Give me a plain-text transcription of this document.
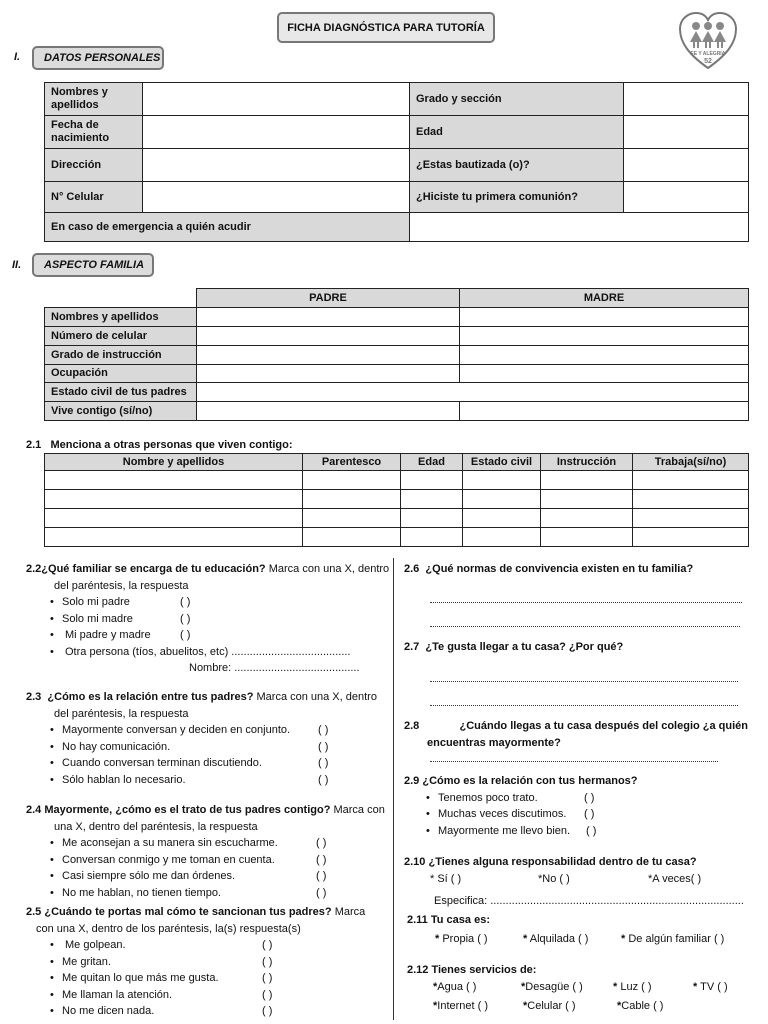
FICHA DIAGNÓSTICA PARA TUTORÍA
FE Y ALEGRIA
52
I.	DATOS PERSONALES
Nombres y apellidos		Grado y sección	
Fecha de nacimiento		Edad	
Dirección		¿Estas bautizada (o)?	
N° Celular		¿Hiciste tu primera comunión?	
En caso de emergencia a quién acudir			
II.	ASPECTO FAMILIA
	PADRE	MADRE
Nombres y apellidos		
Número de celular		
Grado de instrucción		
Ocupación		
Estado civil de tus padres		
Vive contigo (sí/no)		
2.1 Menciona a otras personas que viven contigo:
Nombre y apellidos	Parentesco	Edad	Estado civil	Instrucción	Trabaja(sí/no)

2.2¿Qué familiar se encarga de tu educación? Marca con una X, dentro
del paréntesis, la respuesta
• Solo mi padre	( )
• Solo mi madre	( )
•	Mi padre y madre	( )
•	Otra persona (tíos, abuelitos, etc) .......................................
Nombre: .........................................
2.3 ¿Cómo es la relación entre tus padres? Marca con una X, dentro
del paréntesis, la respuesta
• Mayormente conversan y deciden en conjunto.	( )
• No hay comunicación.	( )
• Cuando conversan terminan discutiendo.	( )
• Sólo hablan lo necesario.	( )
2.4 Mayormente, ¿cómo es el trato de tus padres contigo? Marca con
una X, dentro del paréntesis, la respuesta
• Me aconsejan a su manera sin escucharme.	( )
• Conversan conmigo y me toman en cuenta.	( )
• Casi siempre sólo me dan órdenes.	( )
• No me hablan, no tienen tiempo.	( )
2.5 ¿Cuándo te portas mal cómo te sancionan tus padres? Marca
con una X, dentro de los paréntesis, la(s) respuesta(s)
•	Me golpean.	( )
• Me gritan.	( )
• Me quitan lo que más me gusta.	( )
• Me llaman la atención.	( )
• No me dicen nada.	( )
2.6 ¿Qué normas de convivencia existen en tu familia?
2.7 ¿Te gusta llegar a tu casa? ¿Por qué?
2.8	¿Cuándo llegas a tu casa después del colegio ¿a quién
encuentras mayormente?
2.9 ¿Cómo es la relación con tus hermanos?
• Tenemos poco trato.	( )
• Muchas veces discutimos. ( )
• Mayormente me llevo bien. ( )
2.10 ¿Tienes alguna responsabilidad dentro de tu casa?
* Sí ( )	*No ( )	*A veces( )
Especifica: ...................................................................................
2.11 Tu casa es:
* Propia ( )	* Alquilada ( )	* De algún familiar ( )
2.12 Tienes servicios de:
*Agua ( )	*Desagüe ( )	* Luz ( )	* TV ( )
*Internet ( )	*Celular ( )	*Cable ( )
